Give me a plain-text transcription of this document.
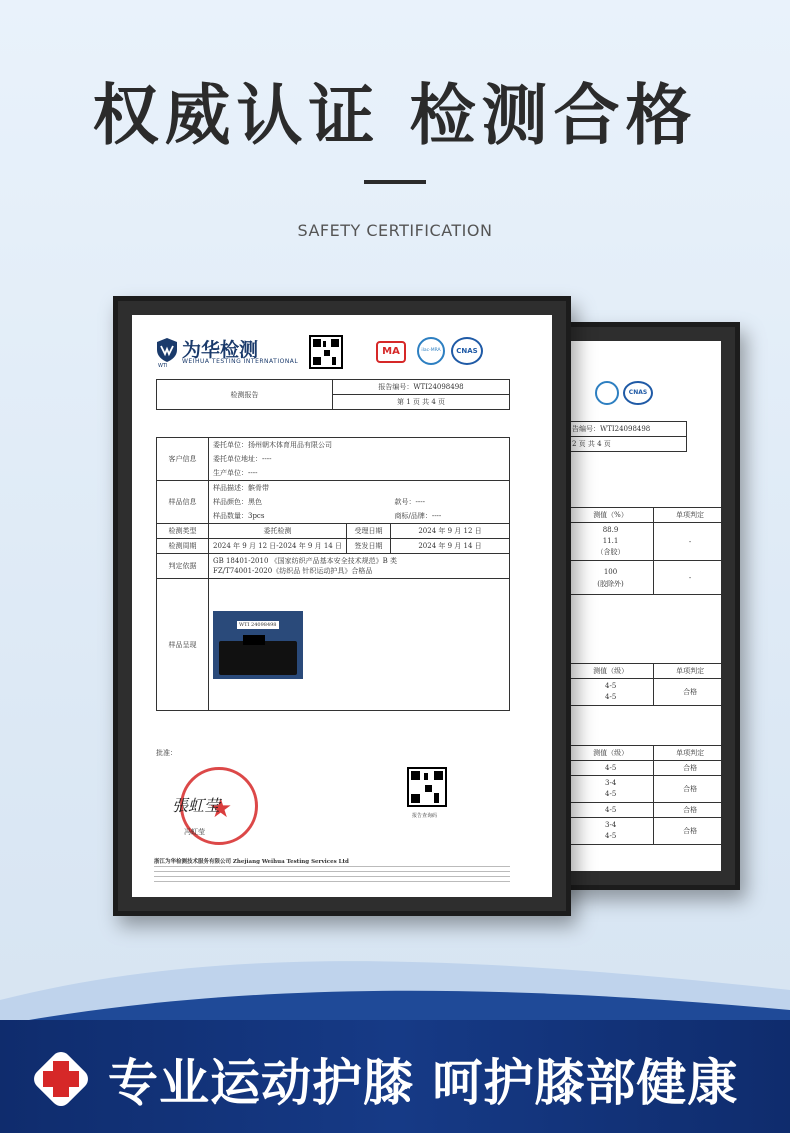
权威认证 检测合格
SAFETY CERTIFICATION
CNAS
告编号：WTI24098498
2 页 共 4 页
测值（%）	单项判定

88.9
11.1
（含胶）	-

100
(胶除外)	-
测值（级）	单项判定

4-5
4-5	合格
测值（级）	单项判定
4-5	合格

3-4
4-5	合格
4-5	合格

3-4
4-5	合格
为华检测
WEIHUA TESTING INTERNATIONAL
WTI
MA	ilac-MRA	CNAS
检测报告	报告编号：WTI24098498
第 1 页 共 4 页
客户信息	委托单位：扬州朝木体育用品有限公司		
	委托单位地址：----		
	生产单位：----		
样品信息	样品描述：髌骨带		
	样品颜色：黑色		款号：----
	样品数量：3pcs		商标/品牌：----
检测类型	委托检测	受理日期	2024 年 9 月 12 日
检测周期	2024 年 9 月 12 日-2024 年 9 月 14 日	签发日期	2024 年 9 月 14 日
判定依据	GB 18401-2010 《国家纺织产品基本安全技术规范》B 类
FZ/T74001-2020《纺织品 针织运动护具》合格品		

样品呈现	WTI 24098498		
批准：
★
張虹莹
冯虹莹
报告查询码
浙江为华检测技术服务有限公司 Zhejiang Weihua Testing Services Ltd
专业运动护膝 呵护膝部健康
